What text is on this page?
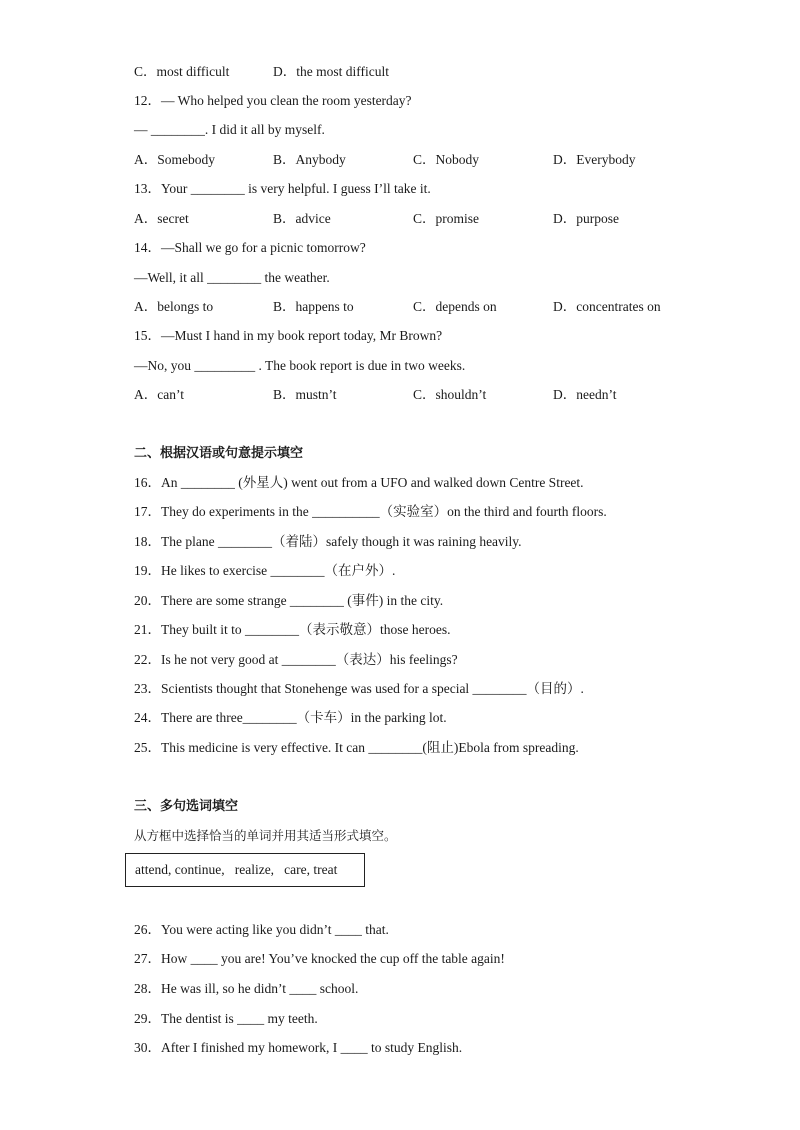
C．most difficult	D．the most difficult
12．— Who helped you clean the room yesterday?
— ________. I did it all by myself.
A．Somebody	B．Anybody	C．Nobody	D．Everybody
13．Your ________ is very helpful. I guess I’ll take it.
A．secret	B．advice	C．promise	D．purpose
14．—Shall we go for a picnic tomorrow?
—Well, it all ________ the weather.
A．belongs to	B．happens to	C．depends on	D．concentrates on
15．—Must I hand in my book report today, Mr Brown?
—No, you _________ . The book report is due in two weeks.
A．can’t	B．mustn’t	C．shouldn’t	D．needn’t
二、根据汉语或句意提示填空
16．An ________ (外星人) went out from a UFO and walked down Centre Street.
17．They do experiments in the __________（实验室）on the third and fourth floors.
18．The plane ________（着陆）safely though it was raining heavily.
19．He likes to exercise ________（在户外）.
20．There are some strange ________ (事件) in the city.
21．They built it to ________（表示敬意）those heroes.
22．Is he not very good at ________（表达）his feelings?
23．Scientists thought that Stonehenge was used for a special ________（目的）.
24．There are three________（卡车）in the parking lot.
25．This medicine is very effective. It can ________(阻止)Ebola from spreading.
三、多句选词填空
从方框中选择恰当的单词并用其适当形式填空。
attend, continue,   realize,   care, treat
26．You were acting like you didn’t ____ that.
27．How ____ you are! You’ve knocked the cup off the table again!
28．He was ill, so he didn’t ____ school.
29．The dentist is ____ my teeth.
30．After I finished my homework, I ____ to study English.
